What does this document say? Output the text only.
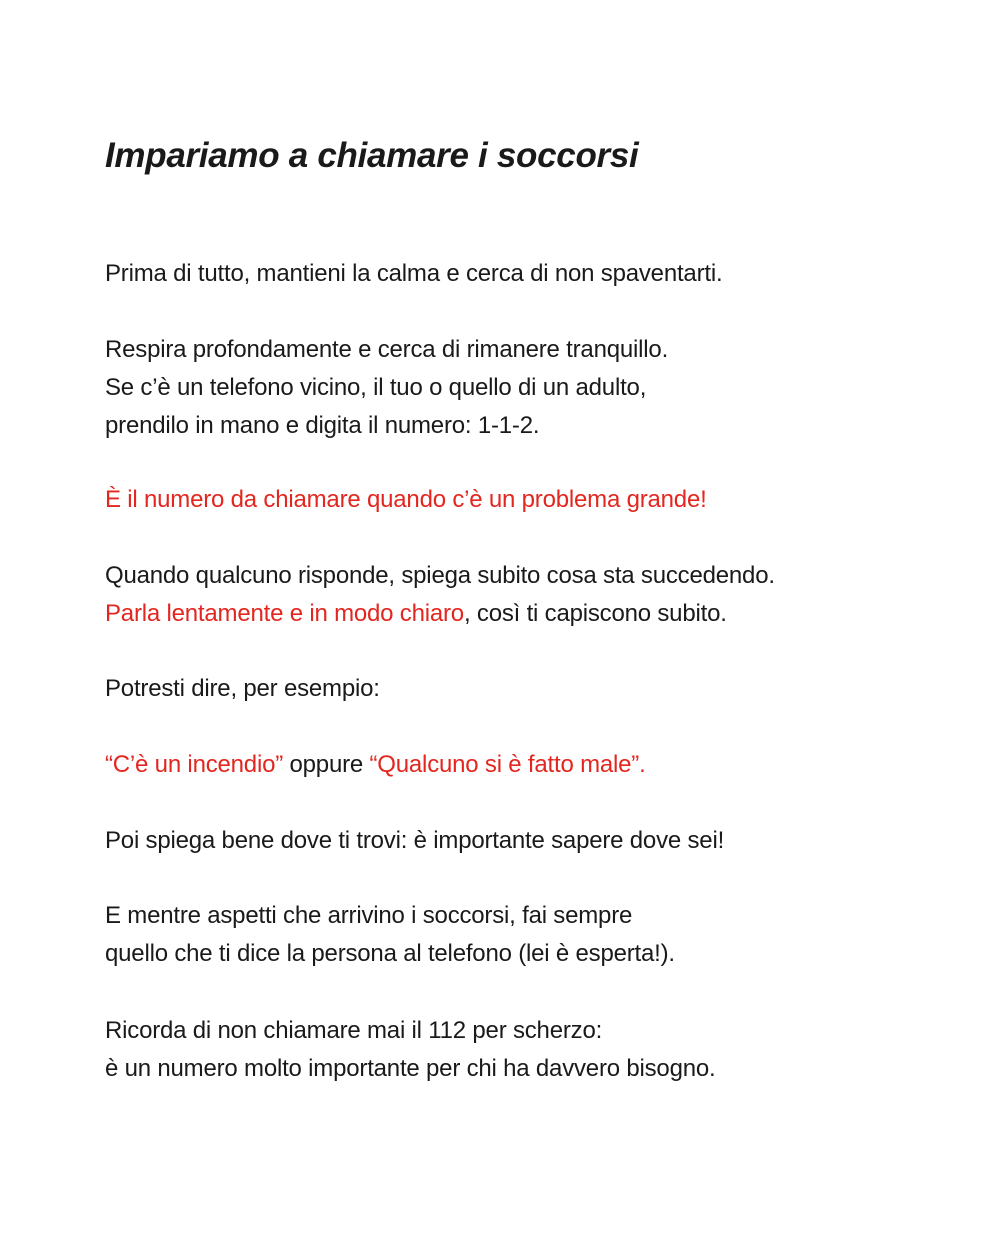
Impariamo a chiamare i soccorsi
Prima di tutto, mantieni la calma e cerca di non spaventarti.
Respira profondamente e cerca di rimanere tranquillo.
Se c’è un telefono vicino, il tuo o quello di un adulto,
prendilo in mano e digita il numero: 1-1-2.
È il numero da chiamare quando c’è un problema grande!
Quando qualcuno risponde, spiega subito cosa sta succedendo.
Parla lentamente e in modo chiaro, così ti capiscono subito.
Potresti dire, per esempio:
“C’è un incendio” oppure “Qualcuno si è fatto male”.
Poi spiega bene dove ti trovi: è importante sapere dove sei!
E mentre aspetti che arrivino i soccorsi, fai sempre
quello che ti dice la persona al telefono (lei è esperta!).
Ricorda di non chiamare mai il 112 per scherzo:
è un numero molto importante per chi ha davvero bisogno.
